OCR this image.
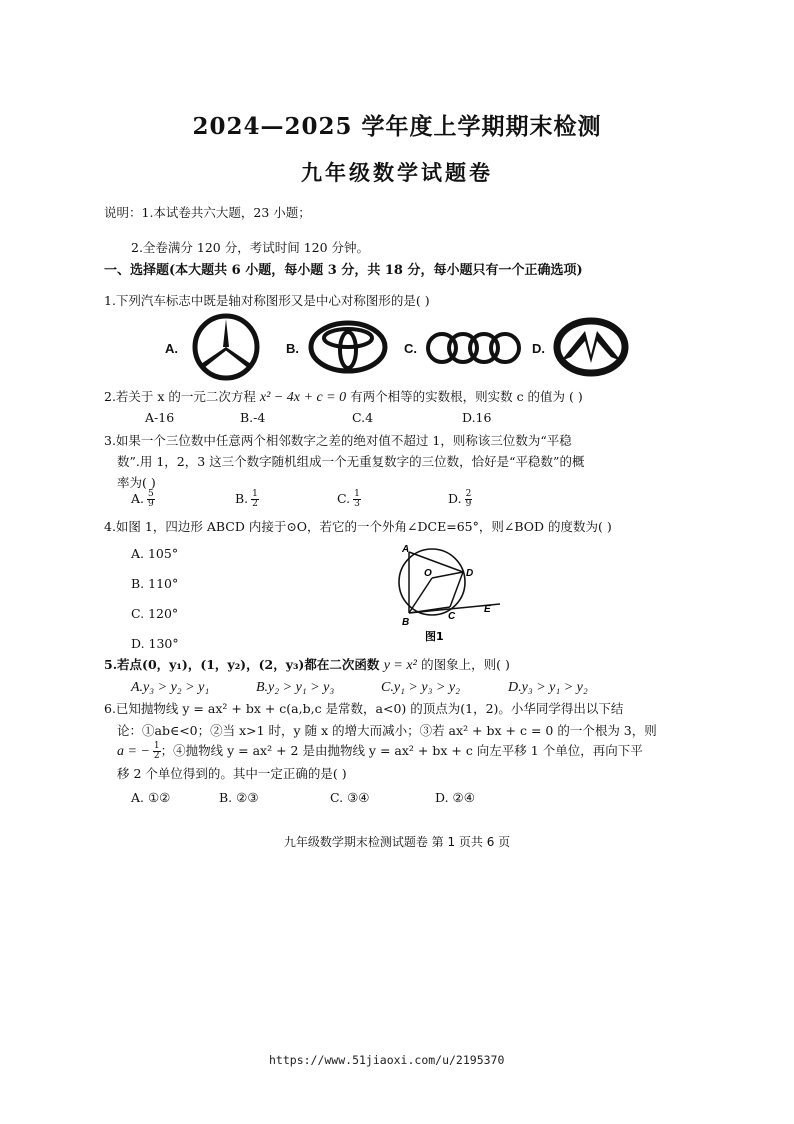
2024—2025 学年度上学期期末检测
九年级数学试题卷
说明：1.本试卷共六大题，23 小题；
2.全卷满分 120 分，考试时间 120 分钟。
一、选择题(本大题共 6 小题，每小题 3 分，共 18 分，每小题只有一个正确选项)
1.下列汽车标志中既是轴对称图形又是中心对称图形的是( )
A.	B.	C.	D.
2.若关于 x 的一元二次方程 x² − 4x + c = 0 有两个相等的实数根，则实数 c 的值为 ( )
A-16	B.-4	C.4	D.16
3.如果一个三位数中任意两个相邻数字之差的绝对值不超过 1，则称该三位数为“平稳
数”.用 1，2，3 这三个数字随机组成一个无重复数字的三位数，恰好是“平稳数”的概
率为( )
A. $\frac{5}{9}$	B. $\frac{1}{2}$	C. $\frac{1}{3}$	D. $\frac{2}{9}$
4.如图 1，四边形 ABCD 内接于⊙O，若它的一个外角∠DCE=65°，则∠BOD 的度数为( )
A. 105°
B. 110°
C. 120°
D. 130°
A
O	D
B
C
E
图1
5.若点(0，y₁)，(1，y₂)，(2，y₃)都在二次函数 y = x² 的图象上，则( )
A.y₃ > y₂ > y₁	B.y₂ > y₁ > y₃	C.y₁ > y₃ > y₂	D.y₃ > y₁ > y₂
6.已知抛物线 y = ax² + bx + c(a,b,c 是常数，a<0) 的顶点为(1，2)。小华同学得出以下结
论：①ab∈<0；②当 x>1 时，y 随 x 的增大而减小；③若 ax² + bx + c = 0 的一个根为 3，则
a = − $\frac{1}{2}$ ；④抛物线 y = ax² + 2 是由抛物线 y = ax² + bx + c 向左平移 1 个单位，再向下平
移 2 个单位得到的。其中一定正确的是( )
A. ①②	B. ②③	C. ③④	D. ②④
九年级数学期末检测试题卷 第 1 页共 6 页
https://www.51jiaoxi.com/u/2195370
